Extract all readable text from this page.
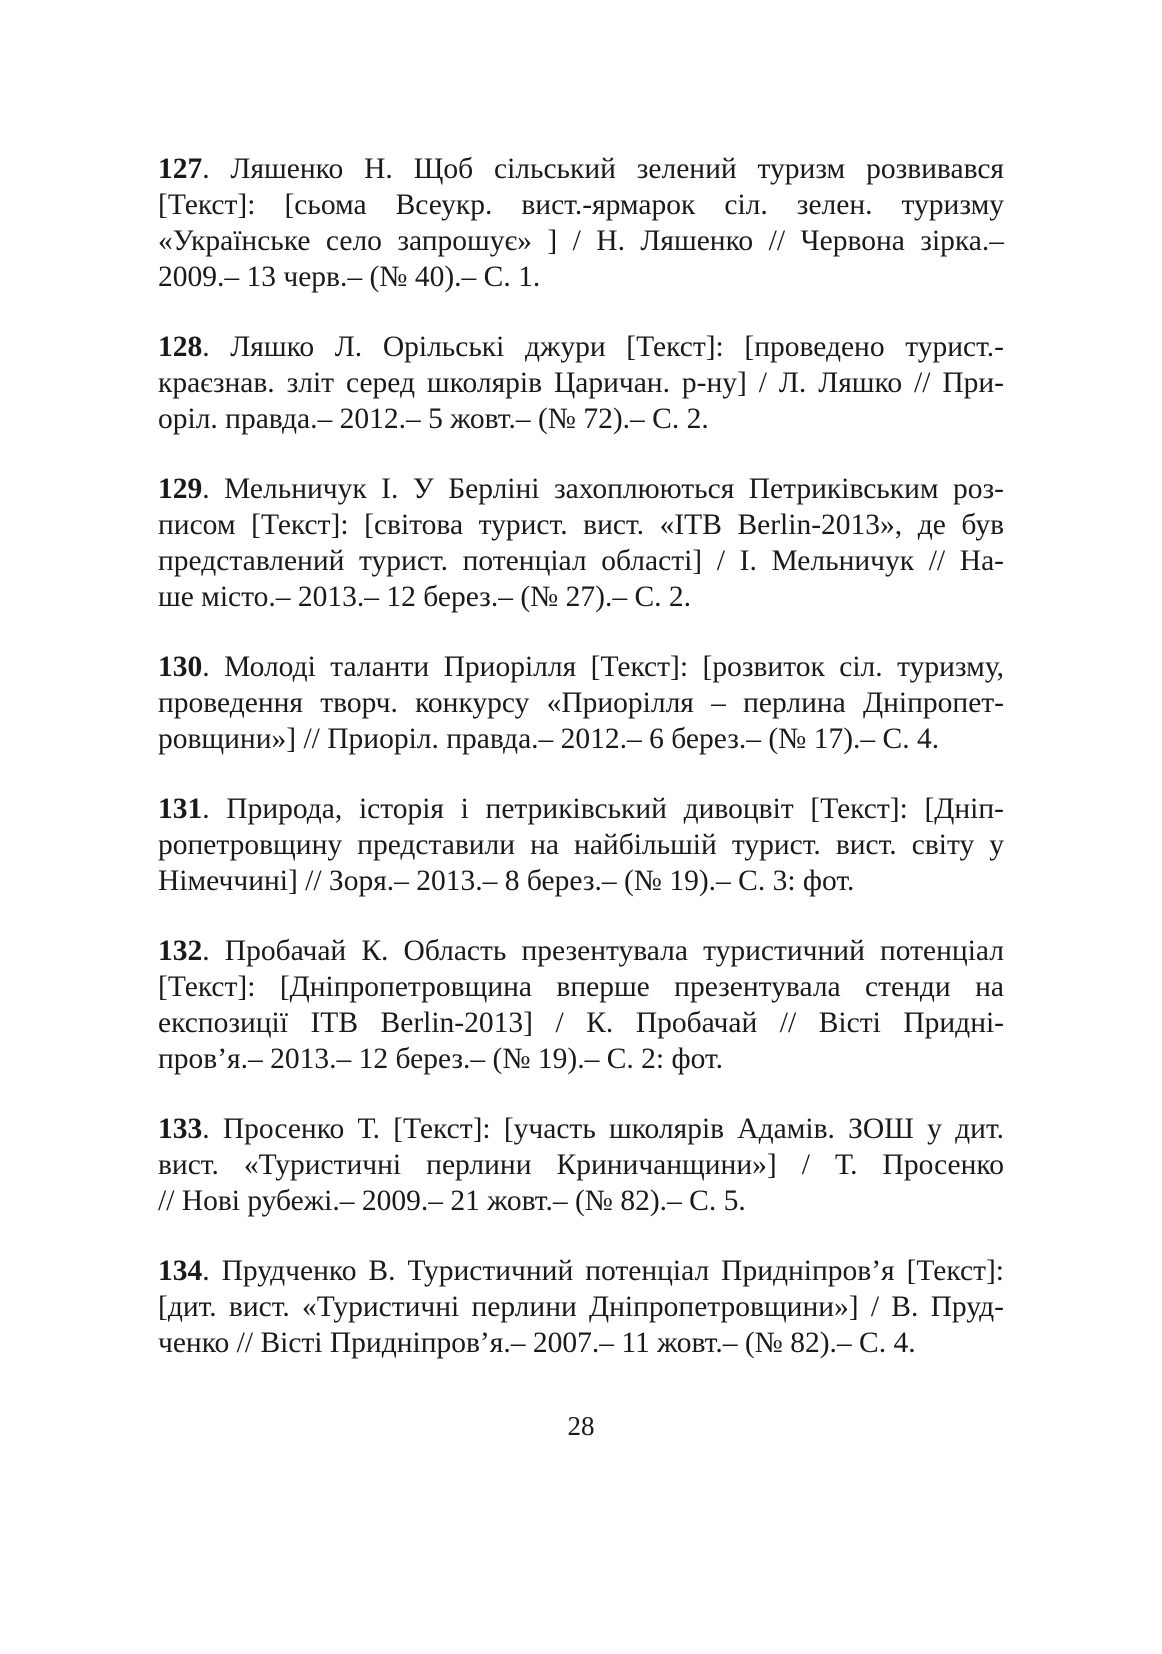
127. Ляшенко Н. Щоб сільський зелений туризм розвивався
[Текст]: [сьома Всеукр. вист.-ярмарок сіл. зелен. туризму
«Українське село запрошує» ] / Н. Ляшенко // Червона зірка.–
2009.– 13 черв.– (№ 40).– С. 1.
128. Ляшко Л. Орільські джури [Текст]: [проведено турист.-
краєзнав. зліт серед школярів Царичан. р-ну] / Л. Ляшко // При-
оріл. правда.– 2012.– 5 жовт.– (№ 72).– С. 2.
129. Мельничук І. У Берліні захоплюються Петриківським роз-
писом [Текст]: [світова турист. вист. «ITB Berlin-2013», де був
представлений турист. потенціал області] / І. Мельничук // На-
ше місто.– 2013.– 12 берез.– (№ 27).– С. 2.
130. Молоді таланти Приорілля [Текст]: [розвиток сіл. туризму,
проведення творч. конкурсу «Приорілля – перлина Дніпропет-
ровщини»] // Приоріл. правда.– 2012.– 6 берез.– (№ 17).– С. 4.
131. Природа, історія і петриківський дивоцвіт [Текст]: [Дніп-
ропетровщину представили на найбільшій турист. вист. світу у
Німеччині] // Зоря.– 2013.– 8 берез.– (№ 19).– С. 3: фот.
132. Пробачай К. Область презентувала туристичний потенціал
[Текст]: [Дніпропетровщина вперше презентувала стенди на
експозиції ITB Berlin-2013] / К. Пробачай // Вісті Придні-
пров’я.– 2013.– 12 берез.– (№ 19).– С. 2: фот.
133. Просенко Т. [Текст]: [участь школярів Адамів. ЗОШ у дит.
вист. «Туристичні перлини Криничанщини»] / Т. Просенко
// Нові рубежі.– 2009.– 21 жовт.– (№ 82).– С. 5.
134. Прудченко В. Туристичний потенціал Придніпров’я [Текст]:
[дит. вист. «Туристичні перлини Дніпропетровщини»] / В. Пруд-
ченко // Вісті Придніпров’я.– 2007.– 11 жовт.– (№ 82).– С. 4.
28
